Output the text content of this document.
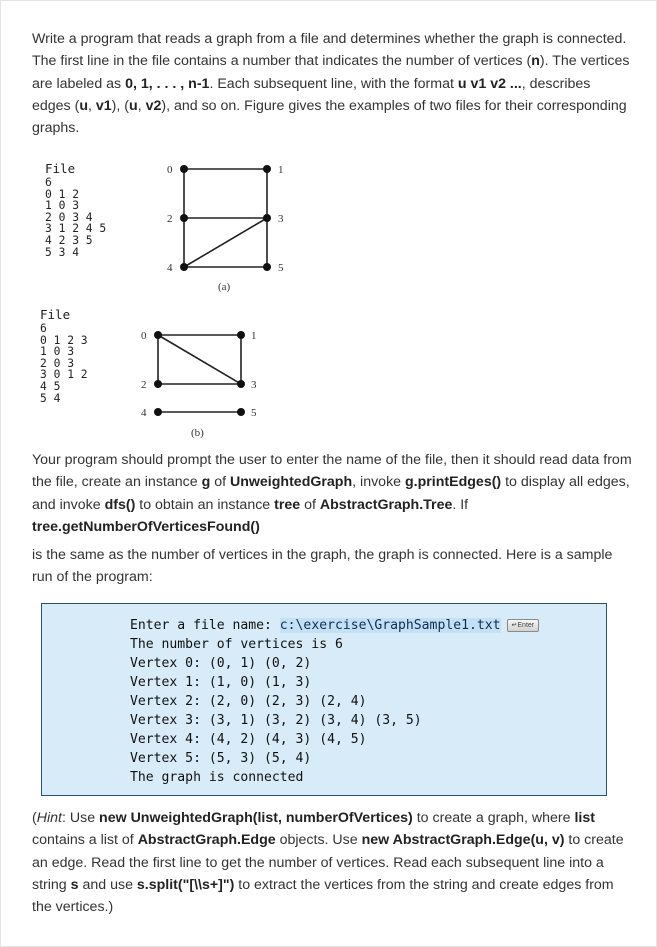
Write a program that reads a graph from a file and determines whether the graph is connected. The first line in the file contains a number that indicates the number of vertices (n). The vertices are labeled as 0, 1, . . . , n-1. Each subsequent line, with the format u v1 v2 ..., describes edges (u, v1), (u, v2), and so on. Figure gives the examples of two files for their corresponding graphs.
File
6
0 1 2
1 0 3
2 0 3 4
3 1 2 4 5
4 2 3 5
5 3 4
0	1
2	3
4	5
(a)
File
6
0 1 2 3
1 0 3
2 0 3
3 0 1 2
4 5
5 4
0	1
2	3
4	5
(b)
Your program should prompt the user to enter the name of the file, then it should read data from the file, create an instance g of UnweightedGraph, invoke g.printEdges() to display all edges, and invoke dfs() to obtain an instance tree of AbstractGraph.Tree. If
tree.getNumberOfVerticesFound()
is the same as the number of vertices in the graph, the graph is connected. Here is a sample run of the program:
Enter a file name: c:\exercise\GraphSample1.txt ↵Enter
The number of vertices is 6
Vertex 0: (0, 1) (0, 2)
Vertex 1: (1, 0) (1, 3)
Vertex 2: (2, 0) (2, 3) (2, 4)
Vertex 3: (3, 1) (3, 2) (3, 4) (3, 5)
Vertex 4: (4, 2) (4, 3) (4, 5)
Vertex 5: (5, 3) (5, 4)
The graph is connected
(Hint: Use new UnweightedGraph(list, numberOfVertices) to create a graph, where list contains a list of AbstractGraph.Edge objects. Use new AbstractGraph.Edge(u, v) to create an edge. Read the first line to get the number of vertices. Read each subsequent line into a string s and use s.split("[\\s+]") to extract the vertices from the string and create edges from the vertices.)
